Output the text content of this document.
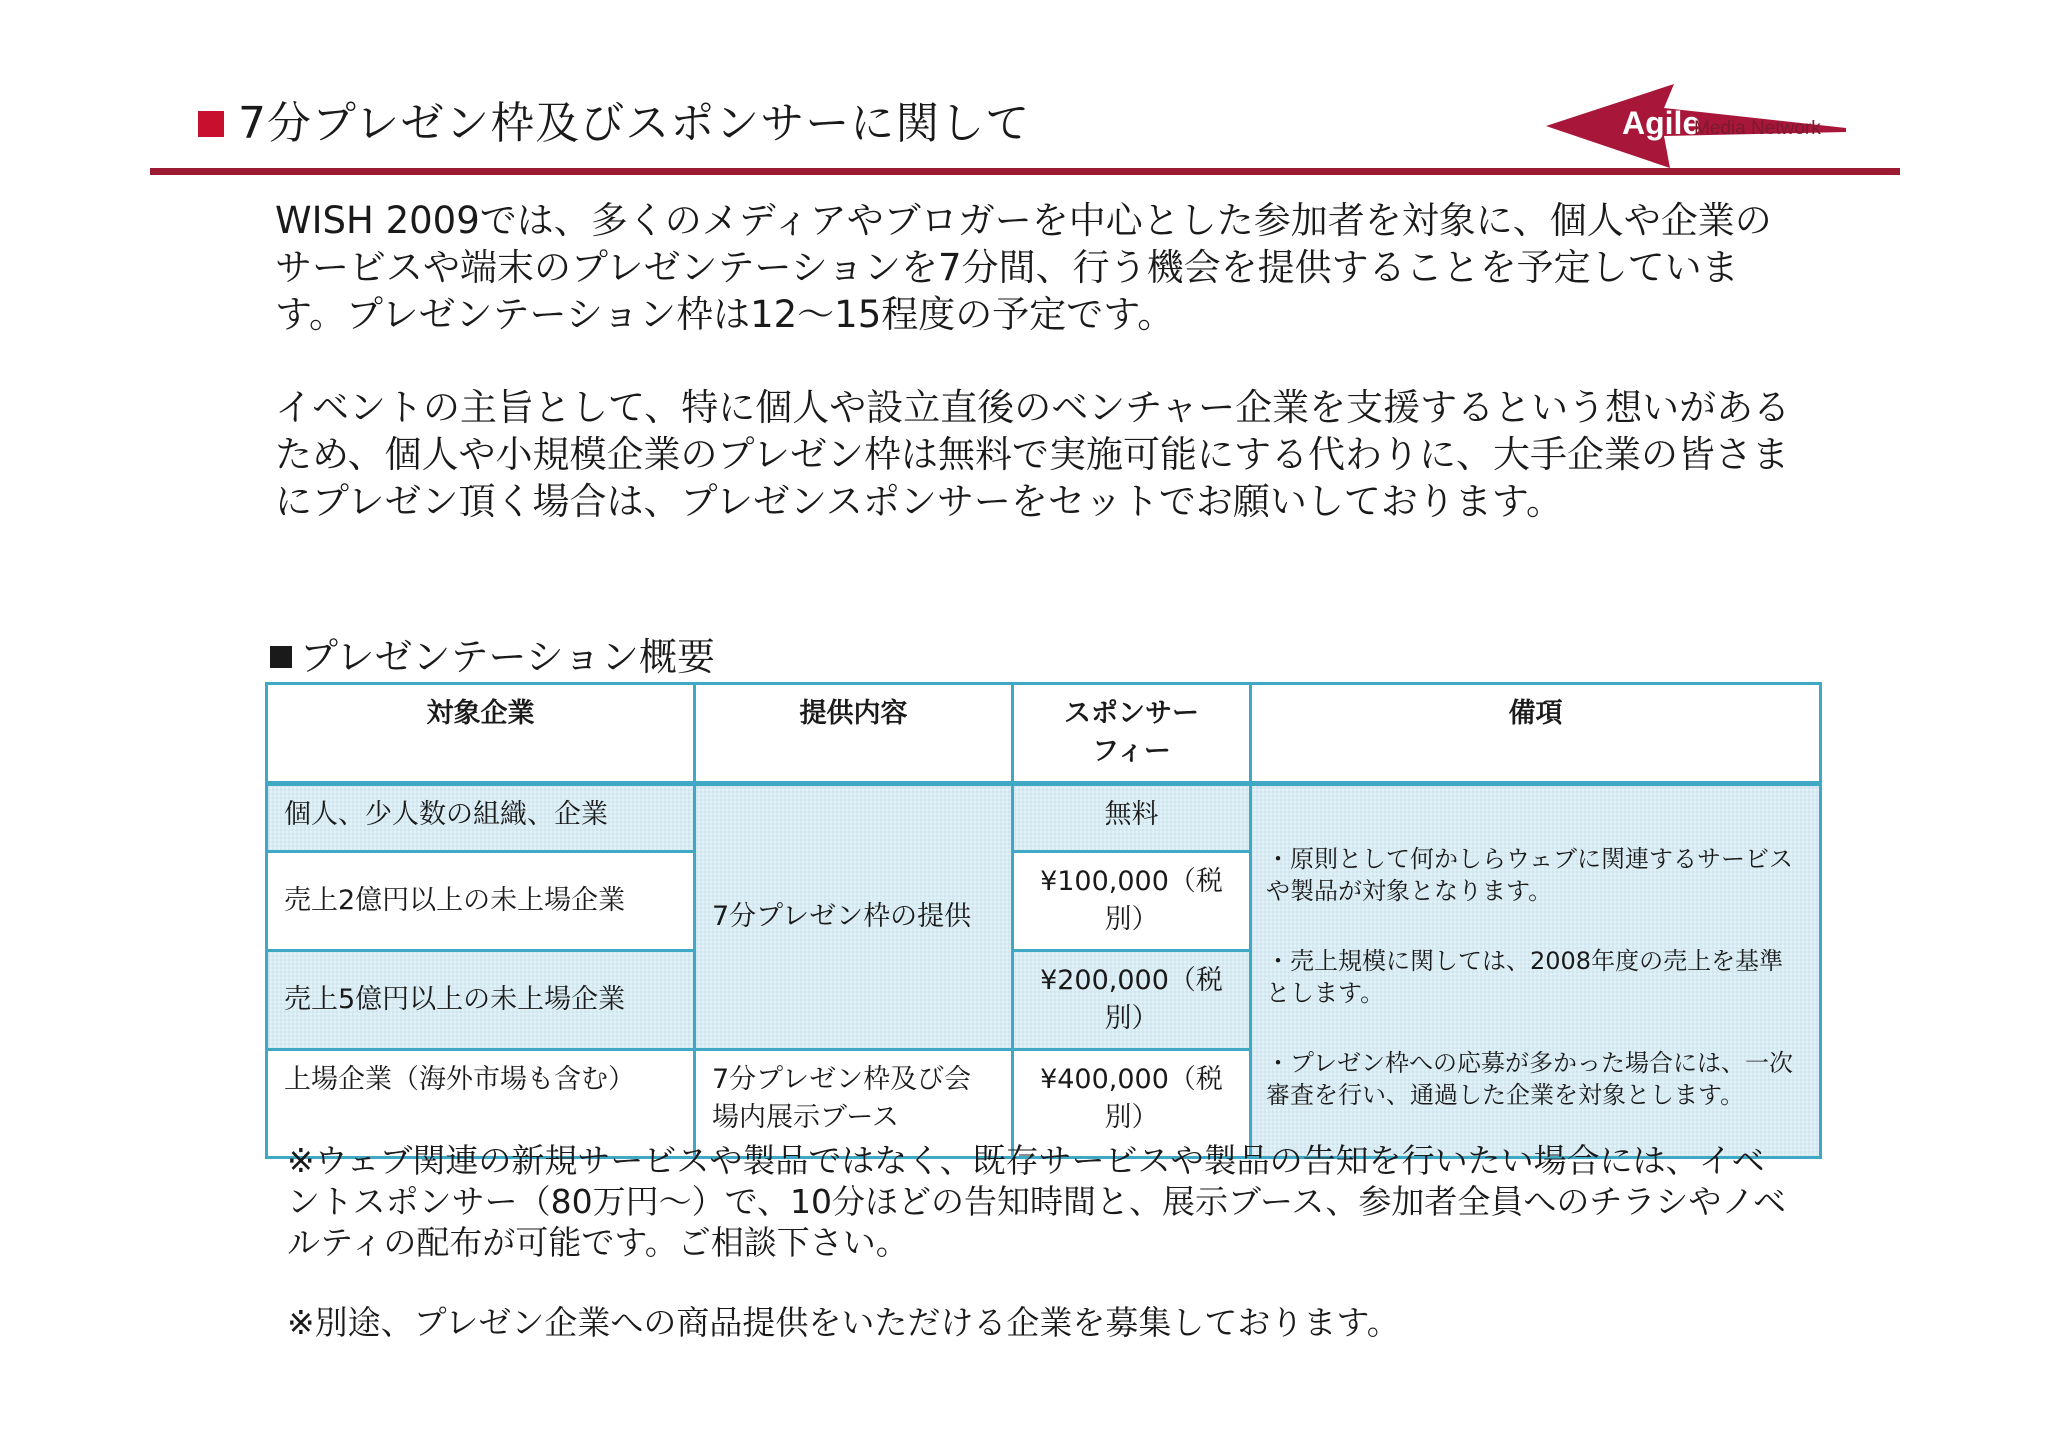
7分プレゼン枠及びスポンサーに関して	Agile
Media Network

WISH 2009では、多くのメディアやブロガーを中心とした参加者を対象に、個人や企業のサービスや端末のプレゼンテーションを7分間、行う機会を提供することを予定しています。プレゼンテーション枠は12～15程度の予定です。

イベントの主旨として、特に個人や設立直後のベンチャー企業を支援するという想いがあるため、個人や小規模企業のプレゼン枠は無料で実施可能にする代わりに、大手企業の皆さまにプレゼン頂く場合は、プレゼンスポンサーをセットでお願いしております。

プレゼンテーション概要
対象企業	提供内容	スポンサーフィー	備項
個人、少人数の組織、企業	7分プレゼン枠の提供	無料	・原則として何かしらウェブに関連するサービスや製品が対象となります。
・売上規模に関しては、2008年度の売上を基準とします。
・プレゼン枠への応募が多かった場合には、一次審査を行い、通過した企業を対象とします。

売上2億円以上の未上場企業		¥100,000（税別）	
売上5億円以上の未上場企業		¥200,000（税別）	
上場企業（海外市場も含む）	7分プレゼン枠及び会場内展示ブース	¥400,000（税別）	

※ウェブ関連の新規サービスや製品ではなく、既存サービスや製品の告知を行いたい場合には、イベントスポンサー（80万円～）で、10分ほどの告知時間と、展示ブース、参加者全員へのチラシやノベルティの配布が可能です。ご相談下さい。

※別途、プレゼン企業への商品提供をいただける企業を募集しております。
